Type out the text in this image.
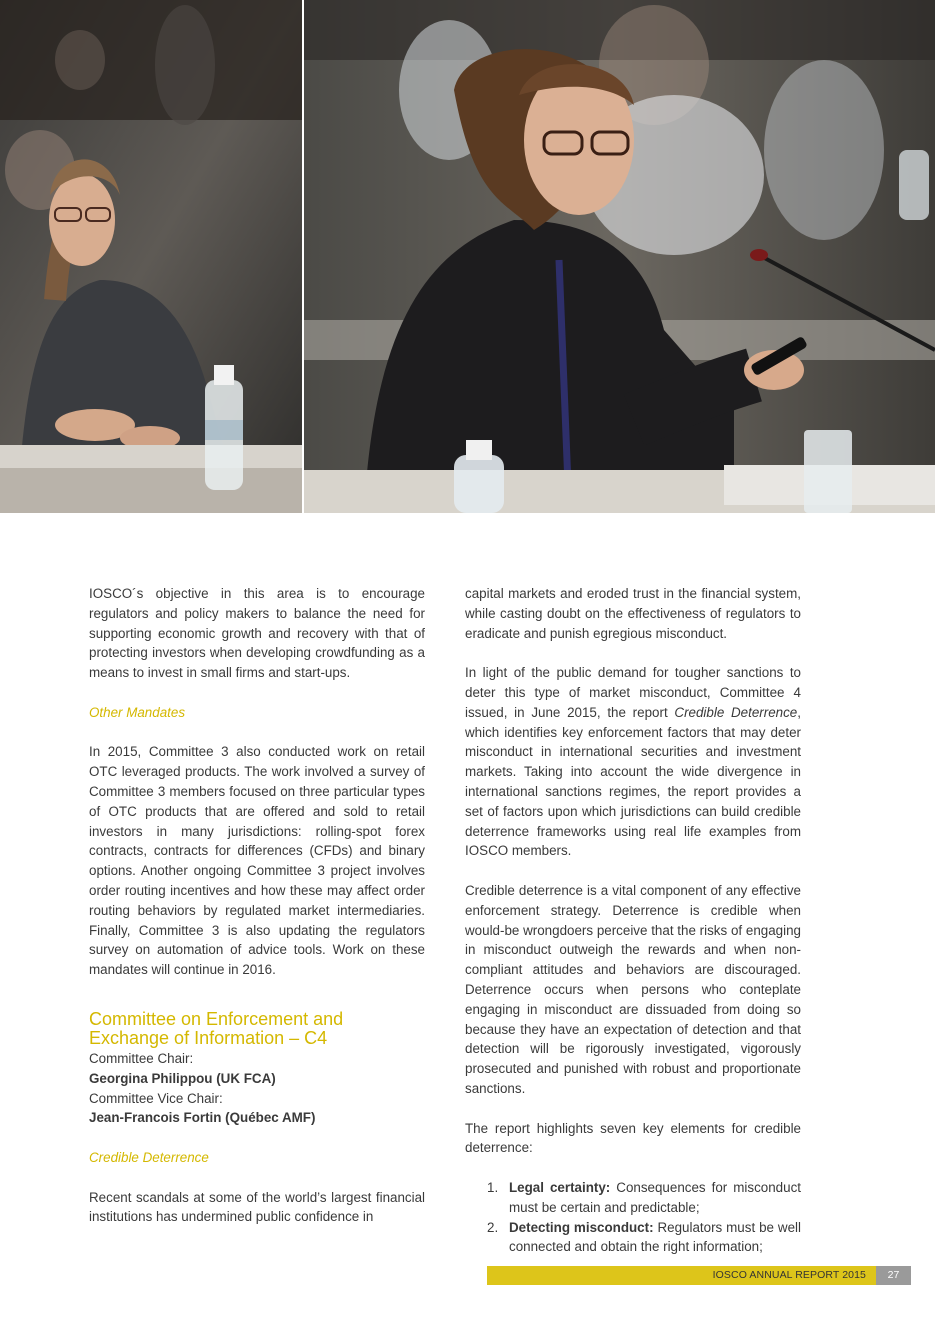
IOSCO´s objective in this area is to encourage regulators and policy makers to balance the need for supporting economic growth and recovery with that of protecting investors when developing crowdfunding as a means to invest in small firms and start-ups.

Other Mandates

In 2015, Committee 3 also conducted work on retail OTC leveraged products. The work involved a survey of Committee 3 members focused on three particular types of OTC products that are offered and sold to retail investors in many jurisdictions: rolling-spot forex contracts, contracts for differences (CFDs) and binary options. Another ongoing Committee 3 project involves order routing incentives and how these may affect order routing behaviors by regulated market intermediaries. Finally, Committee 3 is also updating the regulators survey on automation of advice tools. Work on these mandates will continue in 2016.

Committee on Enforcement and
Exchange of Information – C4
Committee Chair:
Georgina Philippou (UK FCA)
Committee Vice Chair:
Jean-Francois Fortin (Québec AMF)
Credible Deterrence

Recent scandals at some of the world’s largest financial institutions has undermined public confidence in

capital markets and eroded trust in the financial system, while casting doubt on the effectiveness of regulators to eradicate and punish egregious misconduct.

In light of the public demand for tougher sanctions to deter this type of market misconduct, Committee 4 issued, in June 2015, the report Credible Deterrence, which identifies key enforcement factors that may deter misconduct in international securities and investment markets. Taking into account the wide divergence in international sanctions regimes, the report provides a set of factors upon which jurisdictions can build credible deterrence frameworks using real life examples from IOSCO members.

Credible deterrence is a vital component of any effective enforcement strategy. Deterrence is credible when would-be wrongdoers perceive that the risks of engaging in misconduct outweigh the rewards and when non-compliant attitudes and behaviors are discouraged. Deterrence occurs when persons who conteplate engaging in misconduct are dissuaded from doing so because they have an expectation of detection and that detection will be rigorously investigated, vigorously prosecuted and punished with robust and proportionate sanctions.

The report highlights seven key elements for credible deterrence:

1. Legal certainty: Consequences for misconduct must be certain and predictable;
2. Detecting misconduct: Regulators must be well connected and obtain the right information;
IOSCO ANNUAL REPORT 2015	27
